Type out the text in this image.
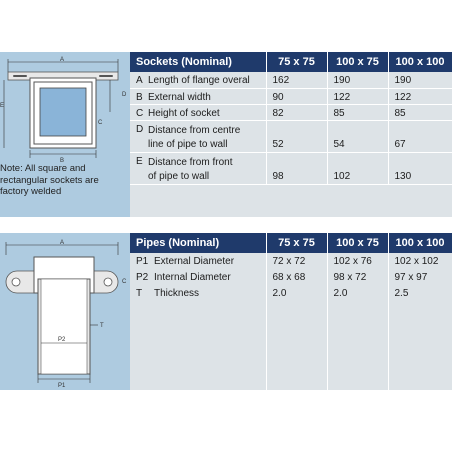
A
E
D
C
B
Note: All square and
rectangular sockets are
factory welded
Sockets (Nominal)	75 x 75	100 x 75	100 x 100
A Length of flange overal	162	190	190
B External width	90	122	122
C Height of socket	82	85	85

D Distance from centre
line of pipe to wall	52	54	67

E Distance from front
of pipe to wall	98	102	130
A
C
T
P2
P1
Pipes (Nominal)	75 x 75	100 x 75	100 x 100
P1 External Diameter	72 x 72	102 x 76	102 x 102
P2 Internal Diameter	68 x 68	98 x 72	97 x 97
T Thickness	2.0	2.0	2.5
